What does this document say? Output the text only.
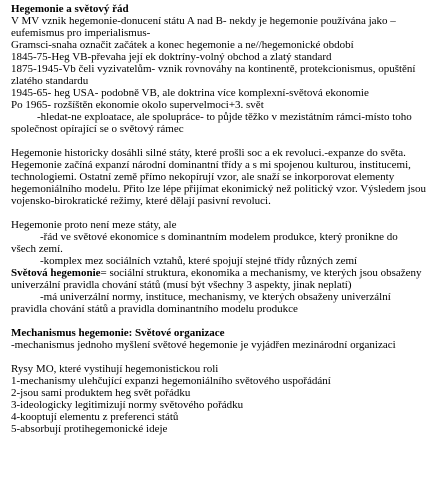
Hegemonie a světový řád
V MV vznik hegemonie-donucení státu A nad B- nekdy je hegemonie používána jako –
eufemismus pro imperialismus-
Gramsci-snaha označit začátek a konec hegemonie a ne//hegemonické období
1845-75-Heg VB-převaha její ek doktríny-volný obchod a zlatý standard
1875-1945-Vb čeli vyzivatelům- vznik rovnováhy na kontinentě, protekcionismus, opuštění
zlatého standardu
1945-65- heg USA- podobně VB, ale doktrina více komplexní-světová ekonomie
Po 1965- rozšíštěn ekonomie okolo supervelmoci+3. svět
-hledat-ne exploatace, ale spolupráce- to půjde těžko v mezistátním rámci-místo toho
společnost opírající se o světový rámec
Hegemonie historicky dosáhli silné státy, které prošli soc a ek revoluci.-expanze do světa.
Hegemonie začíná expanzí národní dominantní třídy a s mi spojenou kulturou, institucemi,
technologiemi. Ostatní země přímo nekopírují vzor, ale snaží se inkorporovat elementy
hegemoniálního modelu. Přito lze lépe přijímat ekonimický než politický vzor. Výsledem jsou
vojensko-birokratické režimy, které dělají pasivní revoluci.
Hegemonie proto není meze státy, ale
-řád ve světové ekonomice s dominantním modelem produkce, který pronikne do
všech zemí.
-komplex mez sociálních vztahů, které spojují stejné třídy různých zemí
Světová hegemonie= sociální struktura, ekonomika a mechanismy, ve kterých jsou obsaženy
univerzální pravidla chování států (musí být všechny 3 aspekty, jinak neplatí)
-má univerzální normy, instituce, mechanismy, ve kterých obsaženy univerzální
pravidla chování států a pravidla dominantního modelu produkce
Mechanismus hegemonie: Světové organizace
-mechanismus jednoho myšlení světové hegemonie je vyjádřen mezinárodní organizaci
Rysy MO, které vystihují hegemonistickou roli
1-mechanismy ulehčující expanzi hegemoniálního světového uspořádání
2-jsou sami produktem heg svět pořádku
3-ideologicky legitimizují normy světového pořádku
4-kooptují elementu z preferenci států
5-absorbují protihegemonické ideje
